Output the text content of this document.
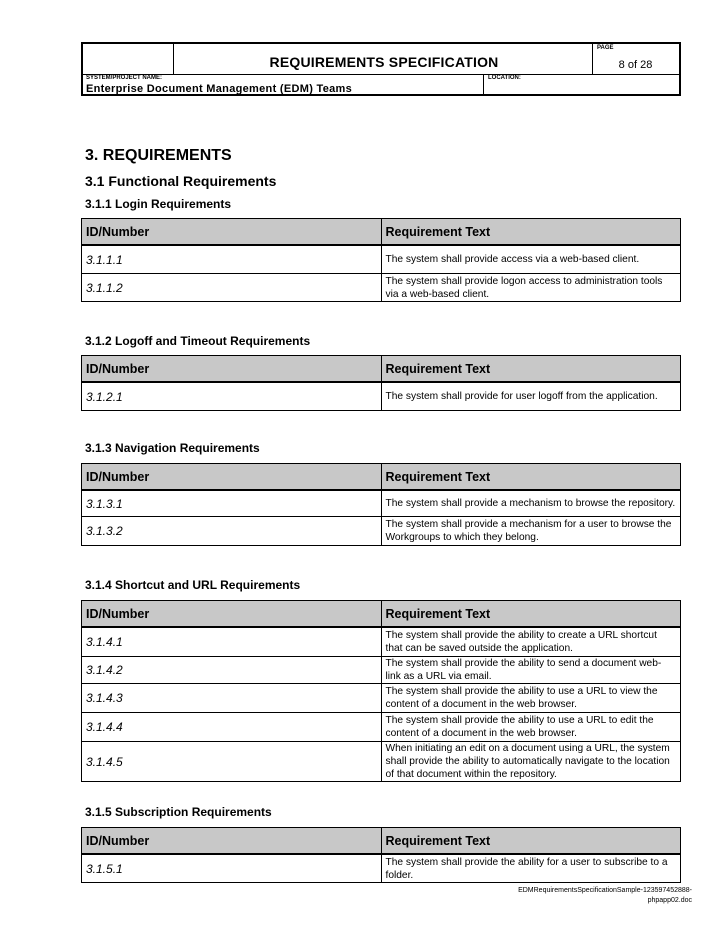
REQUIREMENTS SPECIFICATION
PAGE
8 of 28
SYSTEM/PROJECT NAME:
Enterprise Document Management (EDM) Teams
LOCATION:
3. REQUIREMENTS
3.1 Functional Requirements
3.1.1 Login Requirements
ID/Number	Requirement Text
3.1.1.1	The system shall provide access via a web-based client.
3.1.1.2	The system shall provide logon access to administration tools via a web-based client.
3.1.2 Logoff and Timeout Requirements
ID/Number	Requirement Text
3.1.2.1	The system shall provide for user logoff from the application.
3.1.3 Navigation Requirements
ID/Number	Requirement Text
3.1.3.1	The system shall provide a mechanism to browse the repository.
3.1.3.2	The system shall provide a mechanism for a user to browse the Workgroups to which they belong.
3.1.4 Shortcut and URL Requirements
ID/Number	Requirement Text
3.1.4.1	The system shall provide the ability to create a URL shortcut that can be saved outside the application.
3.1.4.2	The system shall provide the ability to send a document web-link as a URL via email.
3.1.4.3	The system shall provide the ability to use a URL to view the content of a document in the web browser.
3.1.4.4	The system shall provide the ability to use a URL to edit the content of a document in the web browser.
3.1.4.5	When initiating an edit on a document using a URL, the system shall provide the ability to automatically navigate to the location of that document within the repository.
3.1.5 Subscription Requirements
ID/Number	Requirement Text
3.1.5.1	The system shall provide the ability for a user to subscribe to a folder.
EDMRequirementsSpecificationSample-123597452888-
phpapp02.doc
